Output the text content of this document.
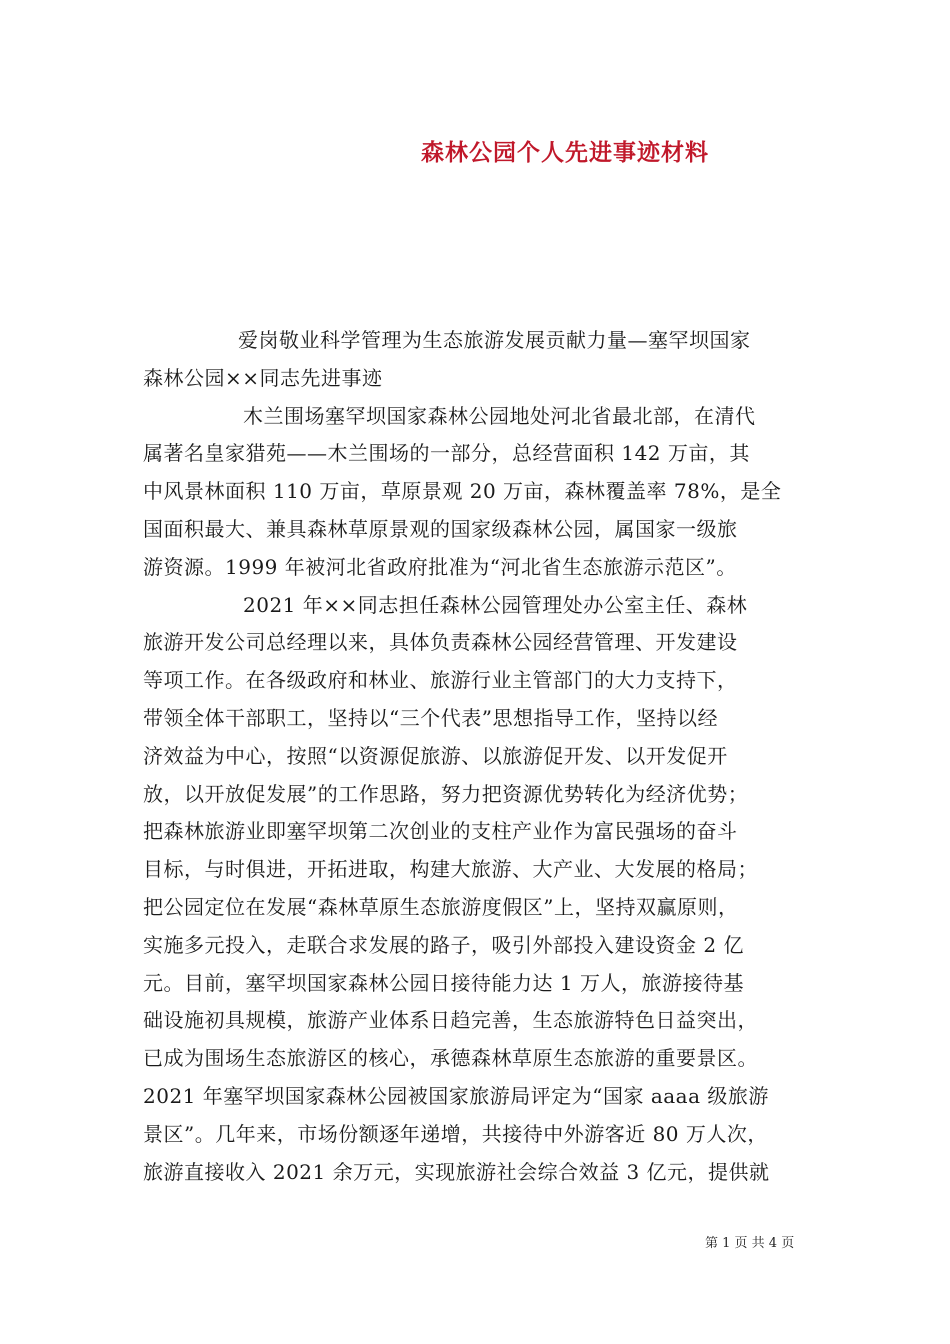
森林公园个人先进事迹材料
爱岗敬业科学管理为生态旅游发展贡献力量—塞罕坝国家
森林公园××同志先进事迹
木兰围场塞罕坝国家森林公园地处河北省最北部，在清代
属著名皇家猎苑——木兰围场的一部分，总经营面积 142 万亩，其
中风景林面积 110 万亩，草原景观 20 万亩，森林覆盖率 78%，是全
国面积最大、兼具森林草原景观的国家级森林公园，属国家一级旅
游资源。1999 年被河北省政府批准为“河北省生态旅游示范区”。
2021 年××同志担任森林公园管理处办公室主任、森林
旅游开发公司总经理以来，具体负责森林公园经营管理、开发建设
等项工作。在各级政府和林业、旅游行业主管部门的大力支持下，
带领全体干部职工，坚持以“三个代表”思想指导工作，坚持以经
济效益为中心，按照“以资源促旅游、以旅游促开发、以开发促开
放，以开放促发展”的工作思路，努力把资源优势转化为经济优势；
把森林旅游业即塞罕坝第二次创业的支柱产业作为富民强场的奋斗
目标，与时俱进，开拓进取，构建大旅游、大产业、大发展的格局；
把公园定位在发展“森林草原生态旅游度假区”上，坚持双赢原则，
实施多元投入，走联合求发展的路子，吸引外部投入建设资金 2 亿
元。目前，塞罕坝国家森林公园日接待能力达 1 万人，旅游接待基
础设施初具规模，旅游产业体系日趋完善，生态旅游特色日益突出，
已成为围场生态旅游区的核心，承德森林草原生态旅游的重要景区。
2021 年塞罕坝国家森林公园被国家旅游局评定为“国家 aaaa 级旅游
景区”。几年来，市场份额逐年递增，共接待中外游客近 80 万人次，
旅游直接收入 2021 余万元，实现旅游社会综合效益 3 亿元，提供就
第 1 页 共 4 页
